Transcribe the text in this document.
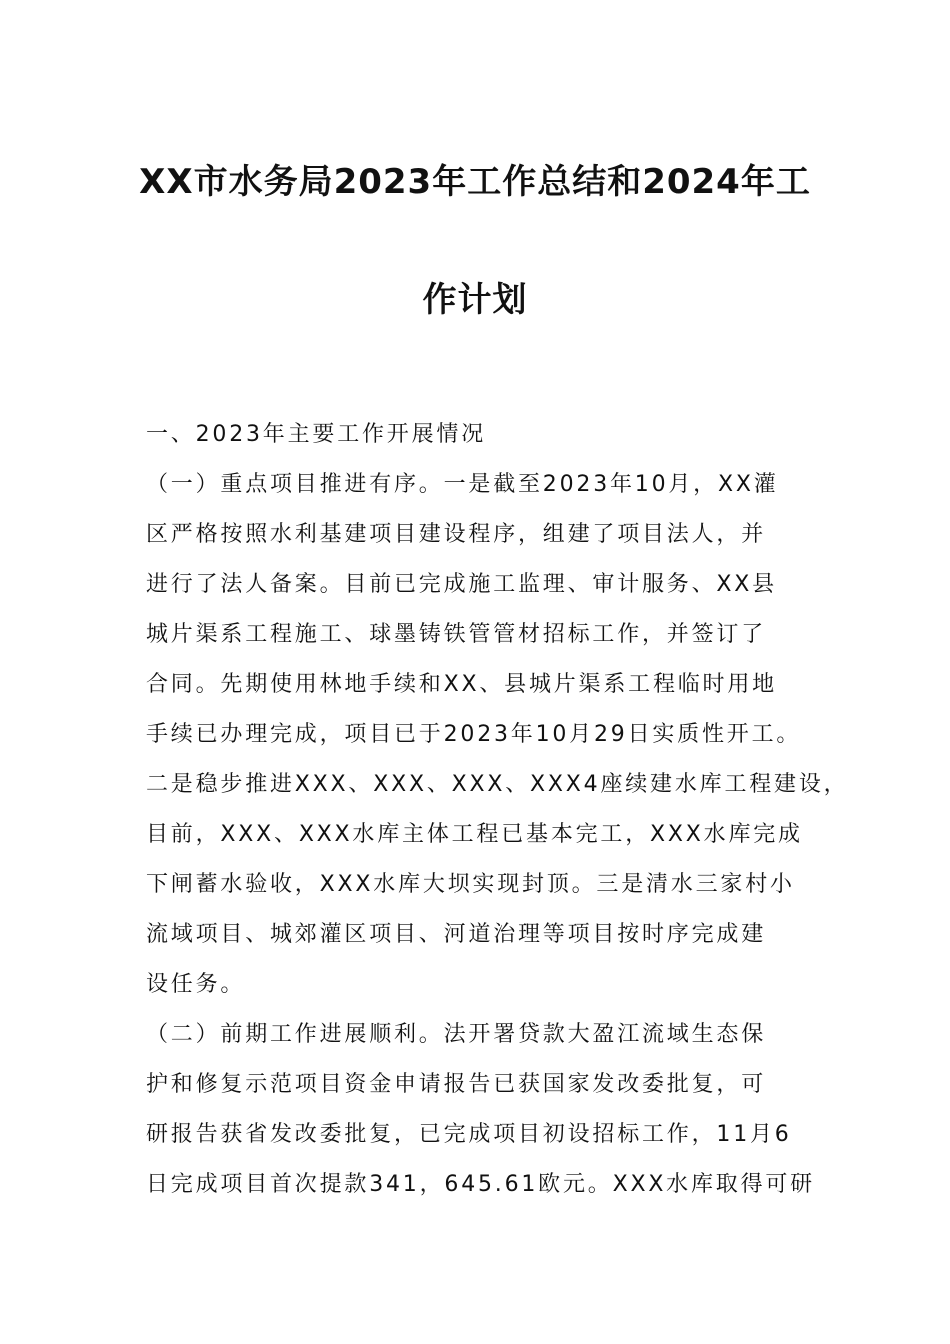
XX市水务局2023年工作总结和2024年工
作计划
一、2023年主要工作开展情况
（一）重点项目推进有序。一是截至2023年10月，XX灌
区严格按照水利基建项目建设程序，组建了项目法人，并
进行了法人备案。目前已完成施工监理、审计服务、XX县
城片渠系工程施工、球墨铸铁管管材招标工作，并签订了
合同。先期使用林地手续和XX、县城片渠系工程临时用地
手续已办理完成，项目已于2023年10月29日实质性开工。
二是稳步推进XXX、XXX、XXX、XXX4座续建水库工程建设，
目前，XXX、XXX水库主体工程已基本完工，XXX水库完成
下闸蓄水验收，XXX水库大坝实现封顶。三是清水三家村小
流域项目、城郊灌区项目、河道治理等项目按时序完成建
设任务。
（二）前期工作进展顺利。法开署贷款大盈江流域生态保
护和修复示范项目资金申请报告已获国家发改委批复，可
研报告获省发改委批复，已完成项目初设招标工作，11月6
日完成项目首次提款341，645.61欧元。XXX水库取得可研
